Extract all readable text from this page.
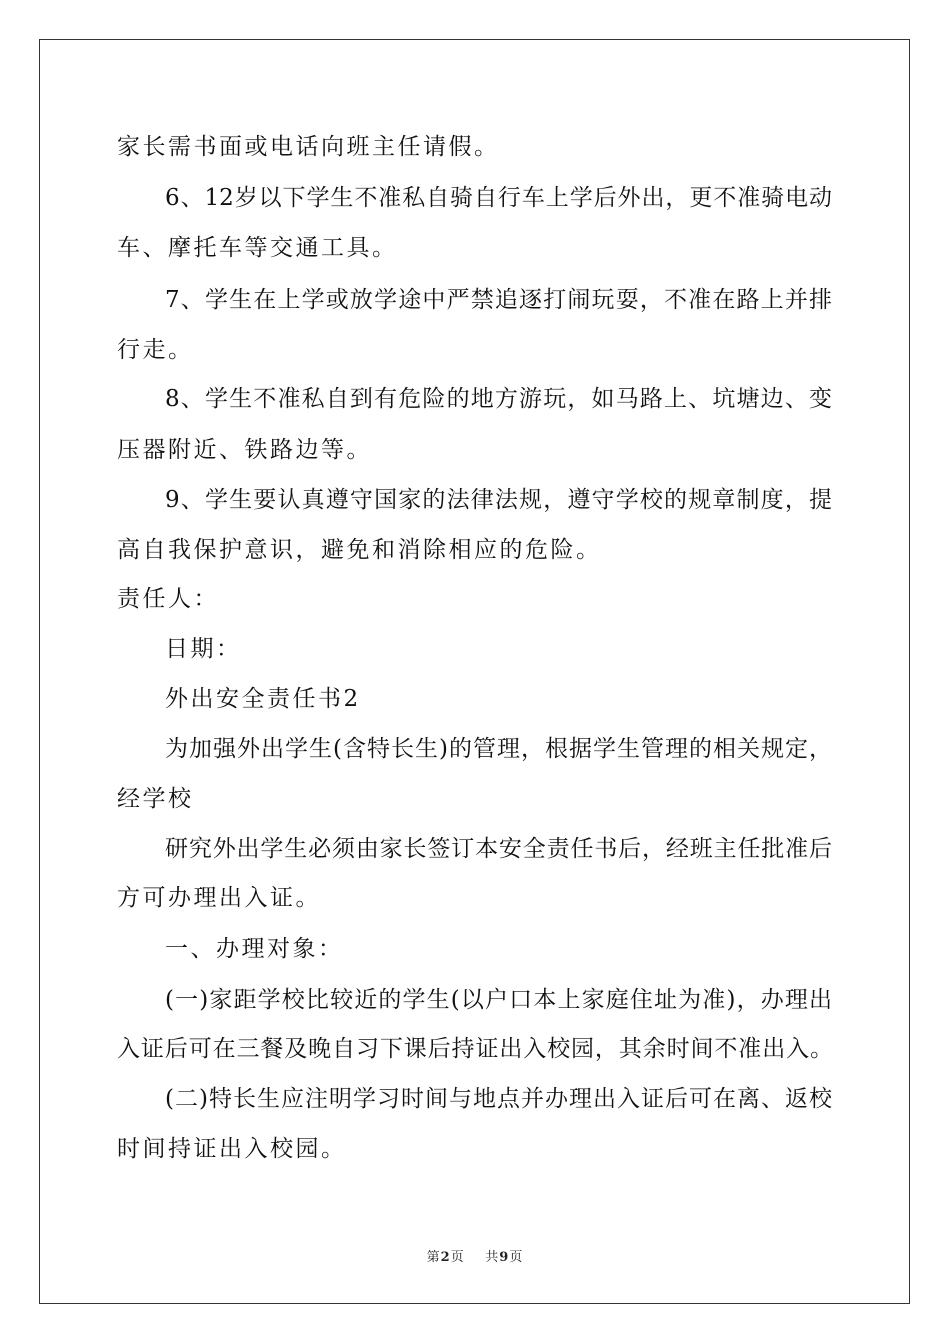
家长需书面或电话向班主任请假。
6、12岁以下学生不准私自骑自行车上学后外出，更不准骑电动
车、摩托车等交通工具。
7、学生在上学或放学途中严禁追逐打闹玩耍，不准在路上并排
行走。
8、学生不准私自到有危险的地方游玩，如马路上、坑塘边、变
压器附近、铁路边等。
9、学生要认真遵守国家的法律法规，遵守学校的规章制度，提
高自我保护意识，避免和消除相应的危险。
责任人：
日期：
外出安全责任书2
为加强外出学生(含特长生)的管理，根据学生管理的相关规定，
经学校
研究外出学生必须由家长签订本安全责任书后，经班主任批准后
方可办理出入证。
一、办理对象：
(一)家距学校比较近的学生(以户口本上家庭住址为准)，办理出
入证后可在三餐及晚自习下课后持证出入校园，其余时间不准出入。
(二)特长生应注明学习时间与地点并办理出入证后可在离、返校
时间持证出入校园。
第2页 共9页
